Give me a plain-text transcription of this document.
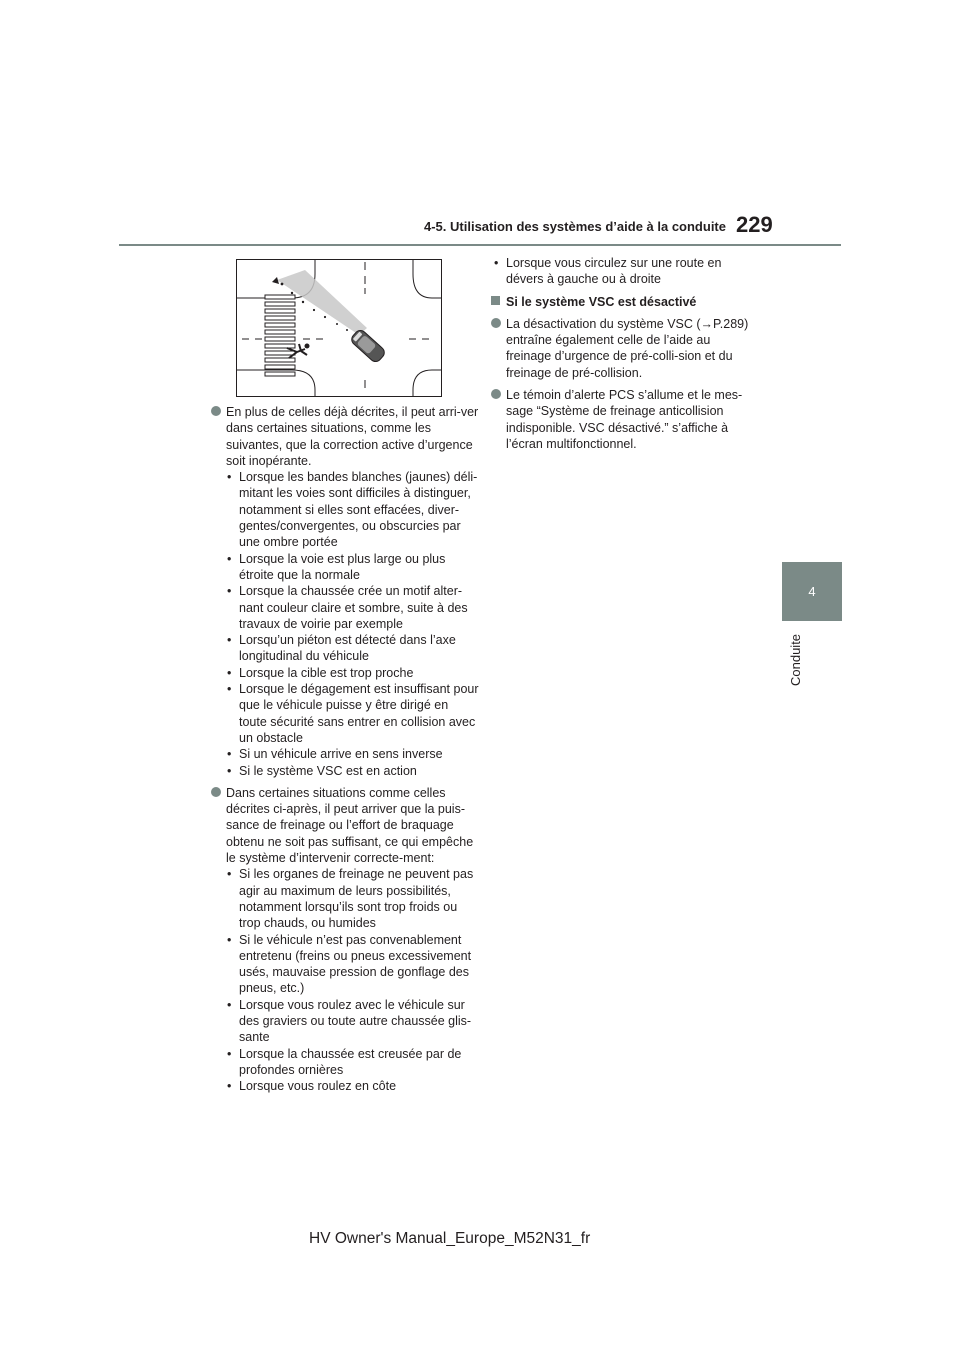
4-5. Utilisation des systèmes d’aide à la conduite 229
4
Conduite
En plus de celles déjà décrites, il peut arri-ver dans certaines situations, comme les suivantes, que la correction active d’urgence soit inopérante.
• Lorsque les bandes blanches (jaunes) déli-mitant les voies sont difficiles à distinguer, notamment si elles sont effacées, diver-gentes/convergentes, ou obscurcies par une ombre portée
• Lorsque la voie est plus large ou plus étroite que la normale
• Lorsque la chaussée crée un motif alter-nant couleur claire et sombre, suite à des travaux de voirie par exemple
• Lorsqu’un piéton est détecté dans l’axe longitudinal du véhicule
• Lorsque la cible est trop proche
• Lorsque le dégagement est insuffisant pour que le véhicule puisse y être dirigé en toute sécurité sans entrer en collision avec un obstacle
• Si un véhicule arrive en sens inverse
• Si le système VSC est en action
Dans certaines situations comme celles décrites ci-après, il peut arriver que la puis-sance de freinage ou l’effort de braquage obtenu ne soit pas suffisant, ce qui empêche le système d’intervenir correcte-ment:
• Si les organes de freinage ne peuvent pas agir au maximum de leurs possibilités, notamment lorsqu’ils sont trop froids ou trop chauds, ou humides
• Si le véhicule n’est pas convenablement entretenu (freins ou pneus excessivement usés, mauvaise pression de gonflage des pneus, etc.)
• Lorsque vous roulez avec le véhicule sur des graviers ou toute autre chaussée glis-sante
• Lorsque la chaussée est creusée par de profondes ornières
• Lorsque vous roulez en côte
• Lorsque vous circulez sur une route en dévers à gauche ou à droite
Si le système VSC est désactivé
La désactivation du système VSC (→P.289) entraîne également celle de l’aide au freinage d’urgence de pré-colli-sion et du freinage de pré-collision.
Le témoin d’alerte PCS s’allume et le mes-sage “Système de freinage anticollision indisponible. VSC désactivé.” s’affiche à l’écran multifonctionnel.
HV Owner's Manual_Europe_M52N31_fr
